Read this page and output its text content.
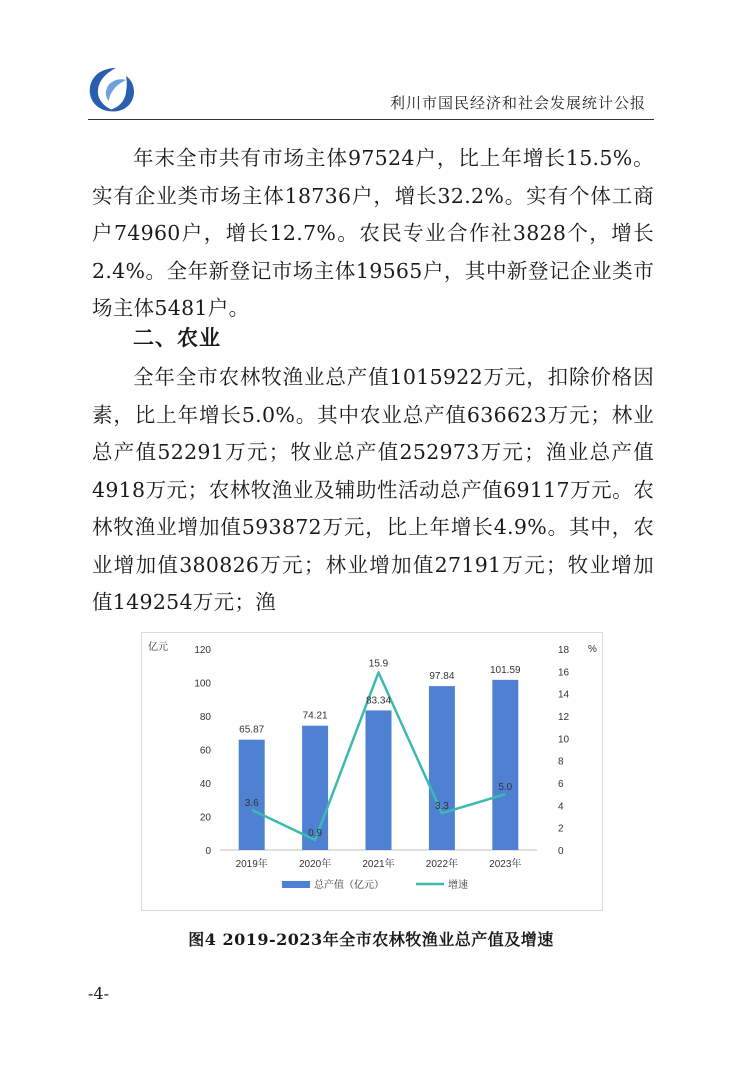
利川市国民经济和社会发展统计公报

年末全市共有市场主体97524户，比上年增长15.5%。实有企业类市场主体18736户，增长32.2%。实有个体工商户74960户，增长12.7%。农民专业合作社3828个，增长2.4%。全年新登记市场主体19565户，其中新登记企业类市场主体5481户。

二、农业

全年全市农林牧渔业总产值1015922万元，扣除价格因素，比上年增长5.0%。其中农业总产值636623万元；林业总产值52291万元；牧业总产值252973万元；渔业总产值4918万元；农林牧渔业及辅助性活动总产值69117万元。农林牧渔业增加值593872万元，比上年增长4.9%。其中，农业增加值380826万元；林业增加值27191万元；牧业增加值149254万元；渔

亿元	%
0
20
40
60
80
100
120
0
2
4
6
8
10
12
14
16
18
65.87
74.21
83.34
97.84
101.59
3.6
0.9
15.9
3.3
5.0
2019年	2020年	2021年	2022年	2023年
总产值（亿元）	增速
图4 2019-2023年全市农林牧渔业总产值及增速
-4-
